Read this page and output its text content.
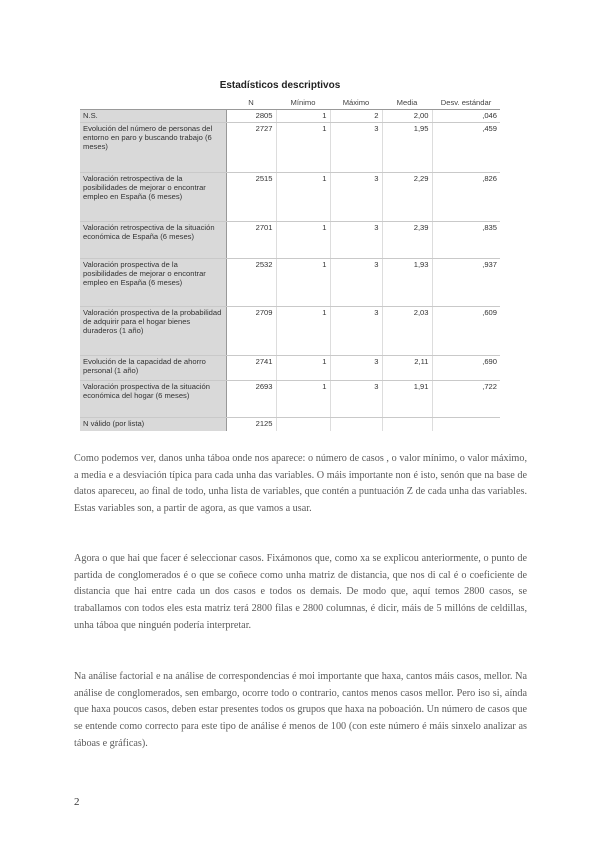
Estadísticos descriptivos
	N	Mínimo	Máximo	Media	Desv. estándar
N.S.	2805	1	2	2,00	,046
Evolución del número de personas del entorno en paro y buscando trabajo (6 meses)	2727	1	3	1,95	,459
Valoración retrospectiva de la posibilidades de mejorar o encontrar empleo en España (6 meses)	2515	1	3	2,29	,826
Valoración retrospectiva de la situación económica de España (6 meses)	2701	1	3	2,39	,835
Valoración prospectiva de la posibilidades de mejorar o encontrar empleo en España (6 meses)	2532	1	3	1,93	,937
Valoración prospectiva de la probabilidad de adquirir para el hogar bienes duraderos (1 año)	2709	1	3	2,03	,609
Evolución de la capacidad de ahorro personal (1 año)	2741	1	3	2,11	,690
Valoración prospectiva de la situación económica del hogar (6 meses)	2693	1	3	1,91	,722
N válido (por lista)	2125				

Como podemos ver, danos unha táboa onde nos aparece: o número de casos , o valor mínimo, o valor máximo, a media e a desviación típica para cada unha das variables. O máis importante non é isto, senón que na base de datos apareceu, ao final de todo, unha lista de variables, que contén a puntuación Z de cada unha das variables. Estas variables son, a partir de agora, as que vamos a usar.

Agora o que hai que facer é seleccionar casos. Fixámonos que, como xa se explicou anteriormente, o punto de partida de conglomerados é o que se coñece como unha matriz de distancia, que nos di cal é o coeficiente de distancia que hai entre cada un dos casos e todos os demais. De modo que, aquí temos 2800 casos, se traballamos con todos eles esta matriz terá 2800 filas e 2800 columnas, é dicir, máis de 5 millóns de celdillas, unha táboa que ninguén podería interpretar.

Na análise factorial e na análise de correspondencias é moi importante que haxa, cantos máis casos, mellor. Na análise de conglomerados, sen embargo, ocorre todo o contrario, cantos menos casos mellor. Pero iso si, aínda que haxa poucos casos, deben estar presentes todos os grupos que haxa na poboación. Un número de casos que se entende como correcto para este tipo de análise é menos de 100 (con este número é máis sinxelo analizar as táboas e gráficas).

2
